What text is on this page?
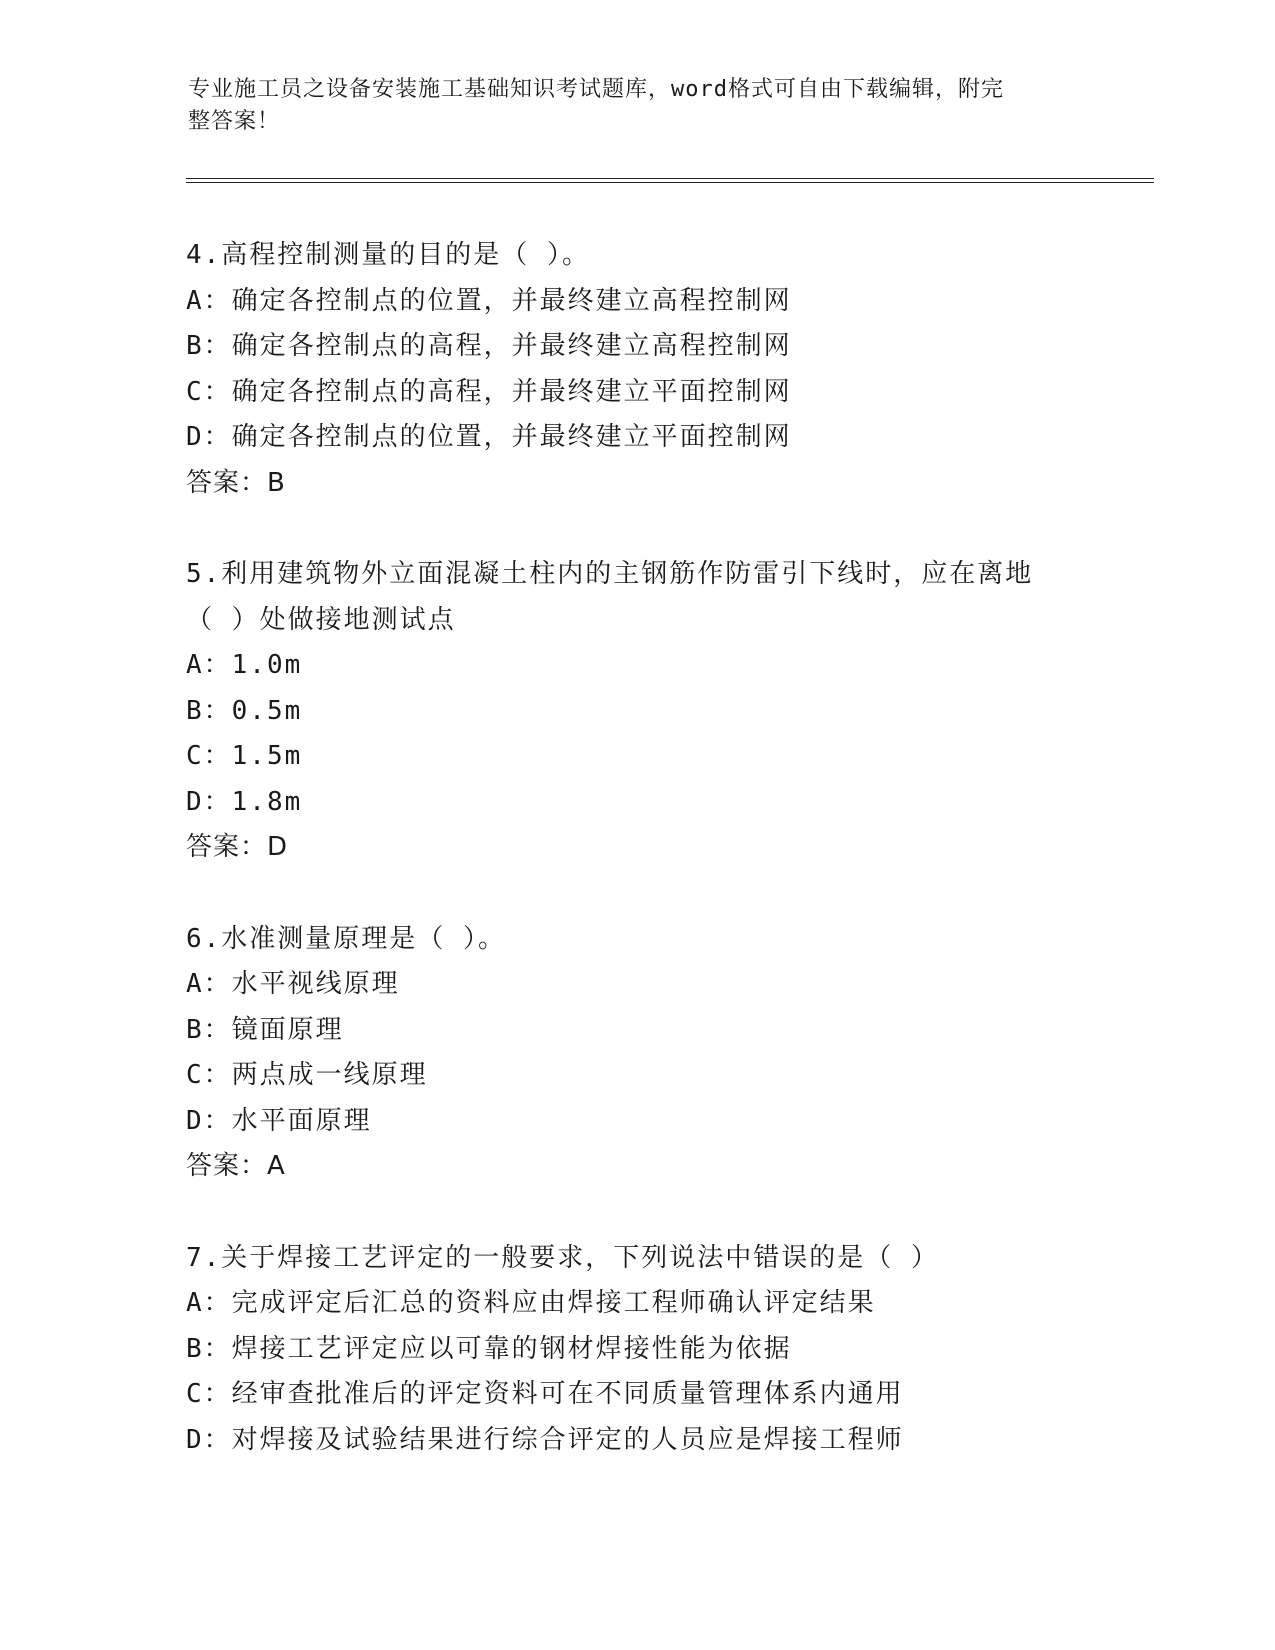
专业施工员之设备安装施工基础知识考试题库，word格式可自由下载编辑，附完
整答案！
4.高程控制测量的目的是（ ）。
A：确定各控制点的位置，并最终建立高程控制网
B：确定各控制点的高程，并最终建立高程控制网
C：确定各控制点的高程，并最终建立平面控制网
D：确定各控制点的位置，并最终建立平面控制网
答案：B
5.利用建筑物外立面混凝土柱内的主钢筋作防雷引下线时，应在离地
（ ）处做接地测试点
A：1.0m
B：0.5m
C：1.5m
D：1.8m
答案：D
6.水准测量原理是（ ）。
A：水平视线原理
B：镜面原理
C：两点成一线原理
D：水平面原理
答案：A
7.关于焊接工艺评定的一般要求，下列说法中错误的是（ ）
A：完成评定后汇总的资料应由焊接工程师确认评定结果
B：焊接工艺评定应以可靠的钢材焊接性能为依据
C：经审查批准后的评定资料可在不同质量管理体系内通用
D：对焊接及试验结果进行综合评定的人员应是焊接工程师
